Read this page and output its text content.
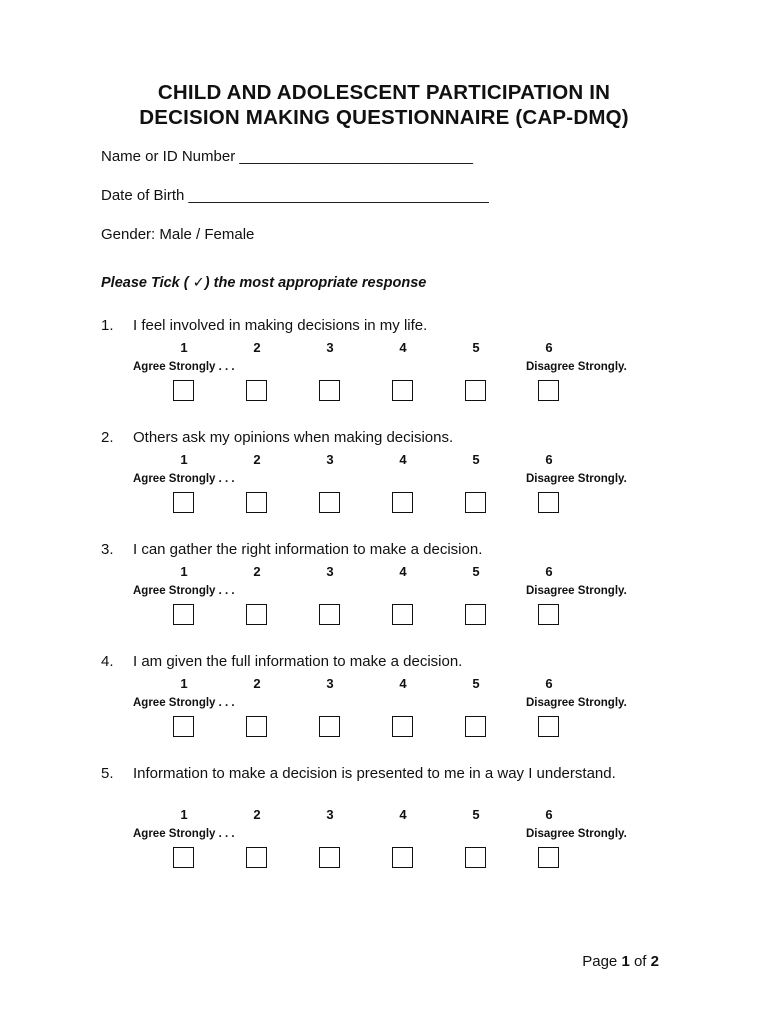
CHILD AND ADOLESCENT PARTICIPATION IN
DECISION MAKING QUESTIONNAIRE (CAP-DMQ)
Name or ID Number ____________________________
Date of Birth ____________________________________
Gender: Male / Female
Please Tick ( ✓) the most appropriate response
1. I feel involved in making decisions in my life.
1	2	3	4	5	6
Agree Strongly . . .	Disagree Strongly.
2. Others ask my opinions when making decisions.
1	2	3	4	5	6
Agree Strongly . . .	Disagree Strongly.
3. I can gather the right information to make a decision.
1	2	3	4	5	6
Agree Strongly . . .	Disagree Strongly.
4. I am given the full information to make a decision.
1	2	3	4	5	6
Agree Strongly . . .	Disagree Strongly.
5. Information to make a decision is presented to me in a way I understand.
1	2	3	4	5	6
Agree Strongly . . .	Disagree Strongly.
Page 1 of 2
